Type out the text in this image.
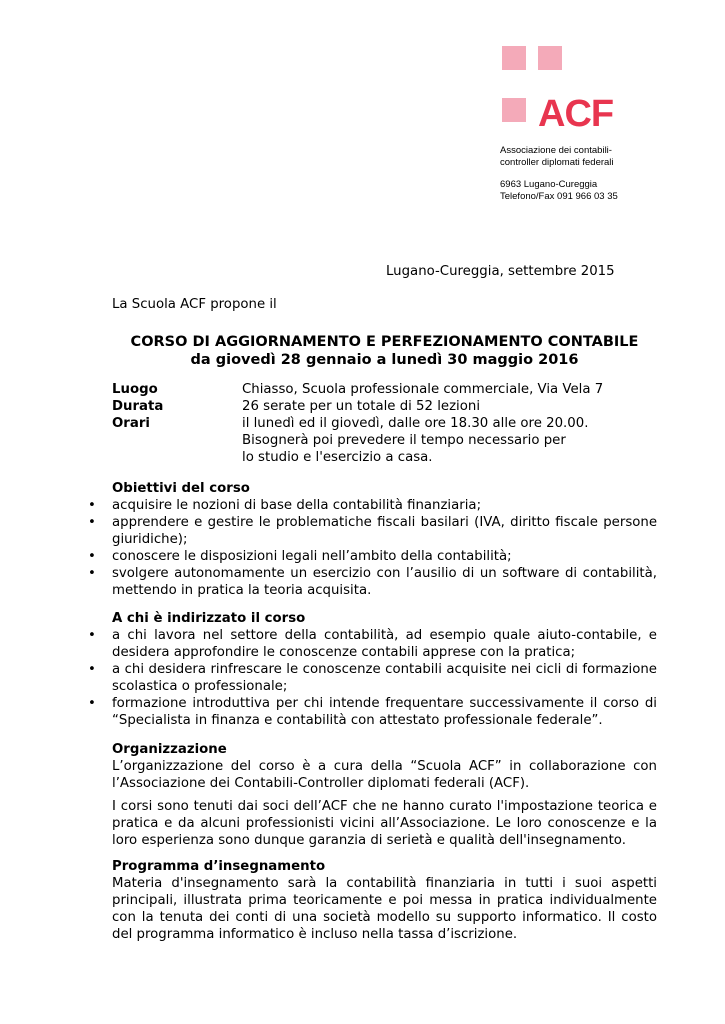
ACF
Associazione dei contabili-
controller diplomati federali
6963 Lugano-Cureggia
Telefono/Fax 091 966 03 35
Lugano-Cureggia, settembre 2015
La Scuola ACF propone il
CORSO DI AGGIORNAMENTO E PERFEZIONAMENTO CONTABILE
da giovedì 28 gennaio a lunedì 30 maggio 2016
Luogo	Chiasso, Scuola professionale commerciale, Via Vela 7
Durata	26 serate per un totale di 52 lezioni
Orari	il lunedì ed il giovedì, dalle ore 18.30 alle ore 20.00.
Bisognerà poi prevedere il tempo necessario per
lo studio e l'esercizio a casa.
Obiettivi del corso
• acquisire le nozioni di base della contabilità finanziaria;
• apprendere e gestire le problematiche fiscali basilari (IVA, diritto fiscale persone giuridiche);
• conoscere le disposizioni legali nell’ambito della contabilità;
• svolgere autonomamente un esercizio con l’ausilio di un software di contabilità, mettendo in pratica la teoria acquisita.
A chi è indirizzato il corso
• a chi lavora nel settore della contabilità, ad esempio quale aiuto-contabile, e desidera approfondire le conoscenze contabili apprese con la pratica;
• a chi desidera rinfrescare le conoscenze contabili acquisite nei cicli di formazione scolastica o professionale;
• formazione introduttiva per chi intende frequentare successivamente il corso di “Specialista in finanza e contabilità con attestato professionale federale”.
Organizzazione

L’organizzazione del corso è a cura della “Scuola ACF” in collaborazione con l’Associazione dei Contabili-Controller diplomati federali (ACF).

I corsi sono tenuti dai soci dell’ACF che ne hanno curato l'impostazione teorica e pratica e da alcuni professionisti vicini all’Associazione. Le loro conoscenze e la loro esperienza sono dunque garanzia di serietà e qualità dell'insegnamento.

Programma d’insegnamento

Materia d'insegnamento sarà la contabilità finanziaria in tutti i suoi aspetti principali, illustrata prima teoricamente e poi messa in pratica individualmente con la tenuta dei conti di una società modello su supporto informatico. Il costo del programma informatico è incluso nella tassa d’iscrizione.
